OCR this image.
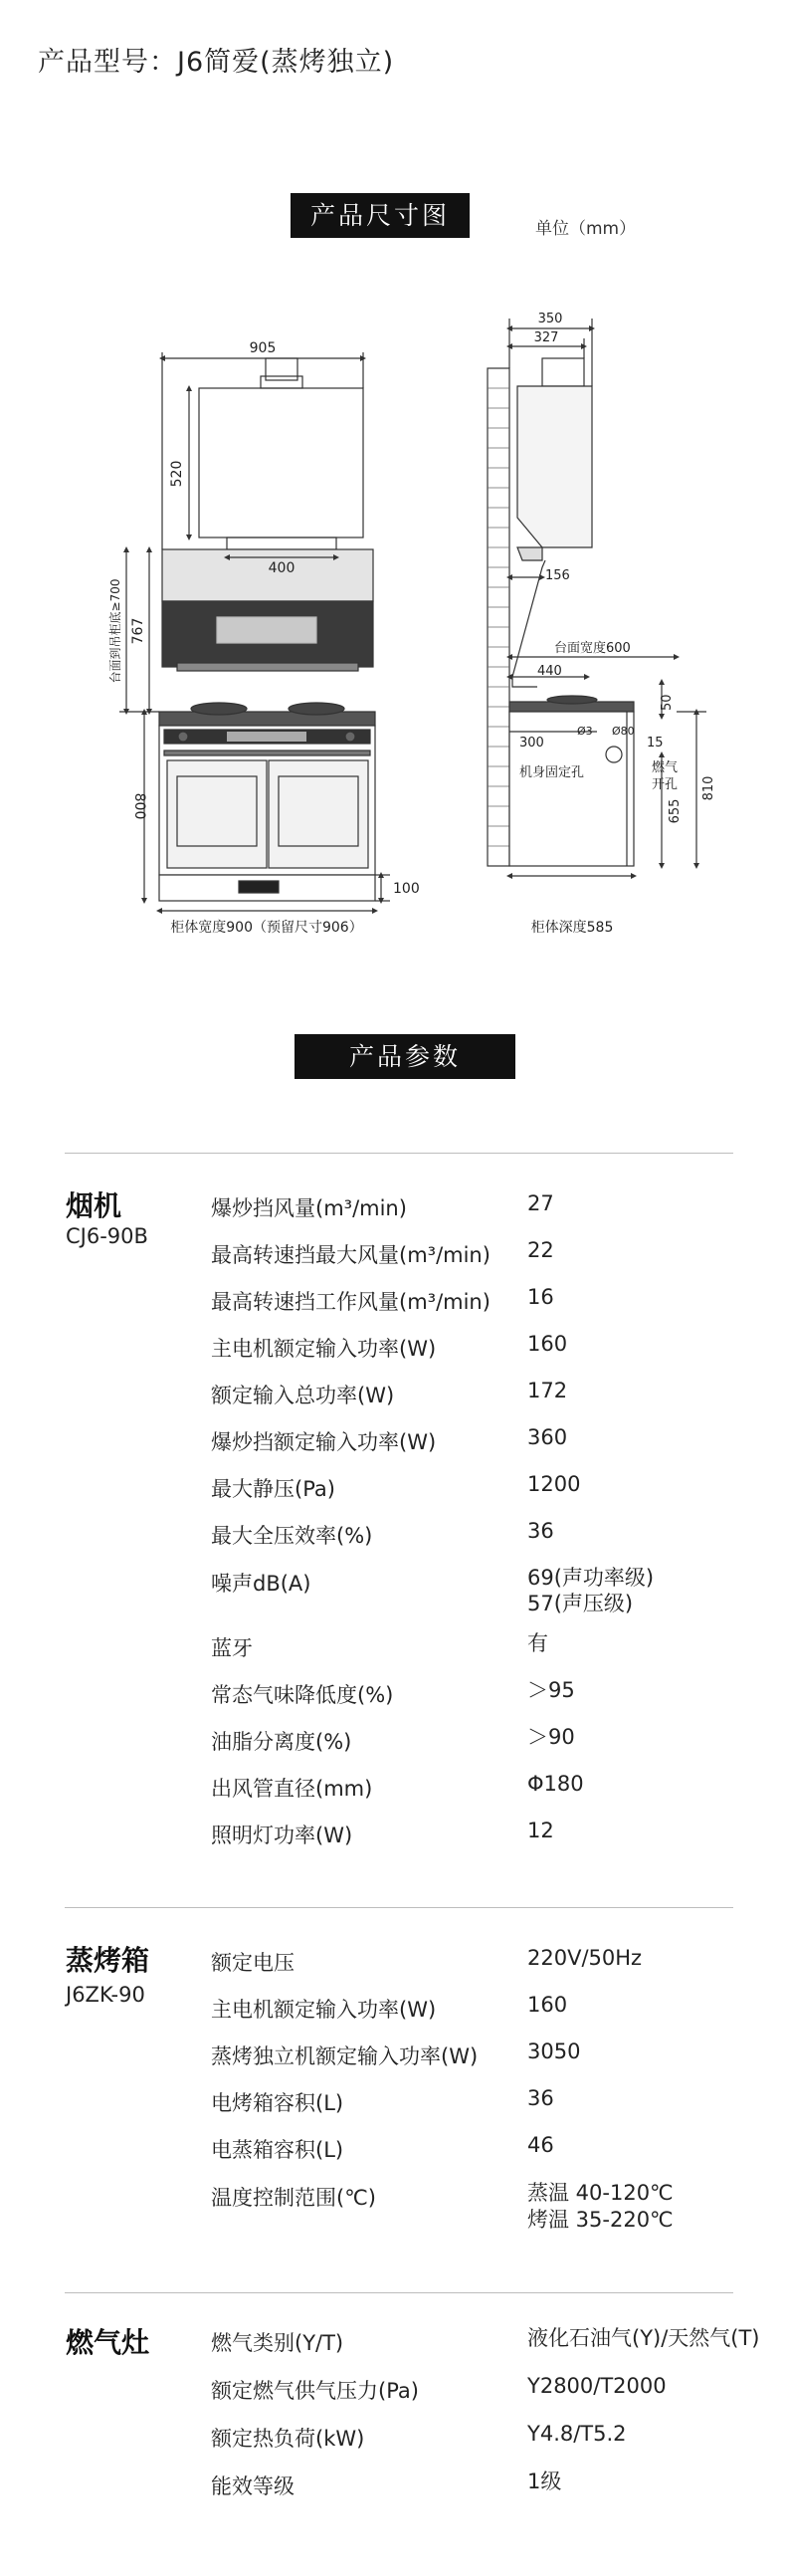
产品型号：J6简爱(蒸烤独立)
产品尺寸图	单位（mm）
905
520
400
台面到吊柜底≥700 767
800
100
柜体宽度900（预留尺寸906）
350
327
156
台面宽度600
440
50
300
Ø3 Ø80
15
机身固定孔	燃气
开孔 810
655
柜体深度585
产品参数
烟机
CJ6-90B
爆炒挡风量(m³/min)	27
最高转速挡最大风量(m³/min) 22
最高转速挡工作风量(m³/min) 16
主电机额定输入功率(W)	160
额定输入总功率(W)	172
爆炒挡额定输入功率(W)	360
最大静压(Pa)	1200
最大全压效率(%)	36
噪声dB(A)	69(声功率级)
57(声压级)
蓝牙	有
常态气味降低度(%)	＞95
油脂分离度(%)	＞90
出风管直径(mm)	Φ180
照明灯功率(W)	12
蒸烤箱
J6ZK-90
额定电压	220V/50Hz
主电机额定输入功率(W)	160
蒸烤独立机额定输入功率(W) 3050
电烤箱容积(L)	36
电蒸箱容积(L)	46
温度控制范围(℃)	蒸温 40-120℃
烤温 35-220℃
燃气灶	燃气类别(Y/T)	液化石油气(Y)/天然气(T)
额定燃气供气压力(Pa)	Y2800/T2000
额定热负荷(kW)	Y4.8/T5.2
能效等级	1级
